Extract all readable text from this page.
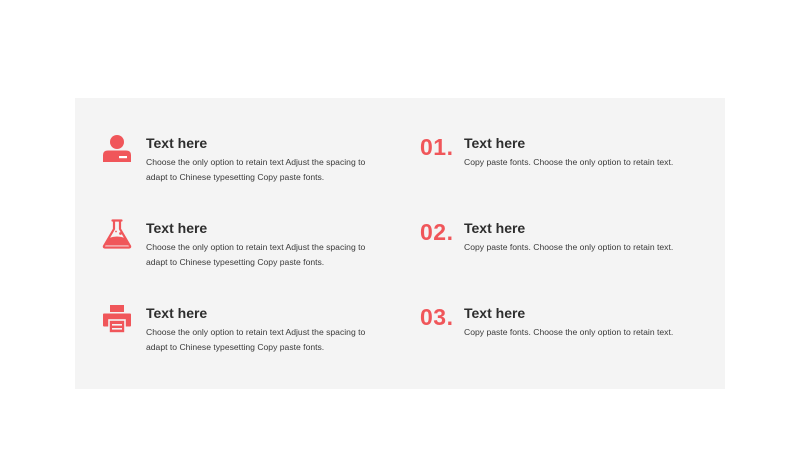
Text here
Choose the only option to retain text Adjust the spacing to adapt to Chinese typesetting Copy paste fonts.
Text here
Choose the only option to retain text Adjust the spacing to adapt to Chinese typesetting Copy paste fonts.
Text here
Choose the only option to retain text Adjust the spacing to adapt to Chinese typesetting Copy paste fonts.
01. Text here
Copy paste fonts. Choose the only option to retain text.
02. Text here
Copy paste fonts. Choose the only option to retain text.
03. Text here
Copy paste fonts. Choose the only option to retain text.
